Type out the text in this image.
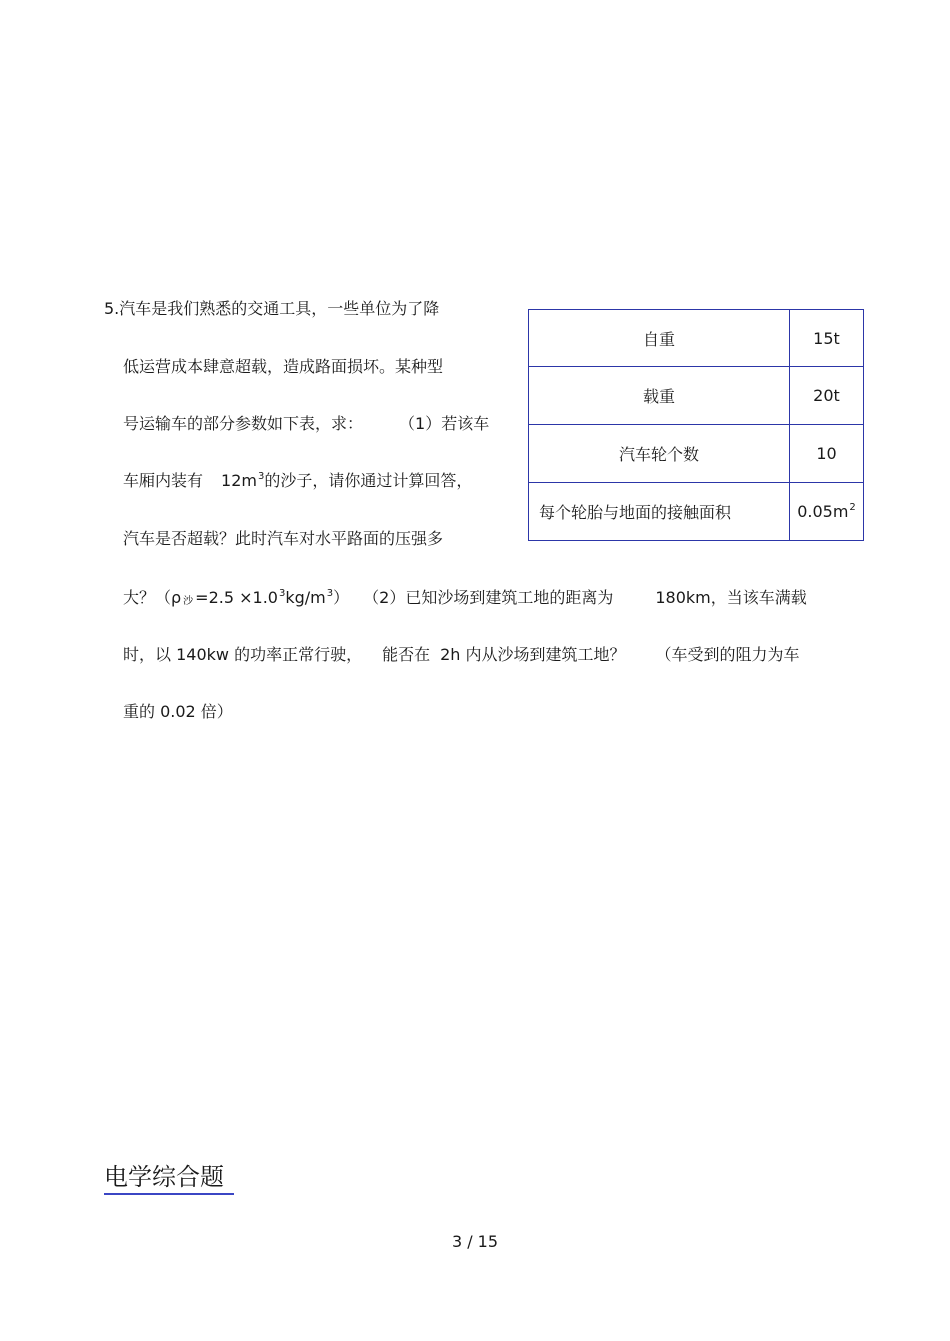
5.汽车是我们熟悉的交通工具，一些单位为了降
低运营成本肆意超载，造成路面损坏。某种型
号运输车的部分参数如下表，求： （1）若该车
车厢内装有 $12m^3$的沙子，请你通过计算回答，
汽车是否超载？此时汽车对水平路面的压强多
大？（ρ 沙 $=2.5 \times 1.0^3kg/m^3$） （2）已知沙场到建筑工地的距离为	180km，当该车满载
时，以 140kw 的功率正常行驶， 能否在 2h 内从沙场到建筑工地？ （车受到的阻力为车
重的 0.02 倍）
自重	15t
载重	20t
汽车轮个数	10
每个轮胎与地面的接触面积	$0.05m^2$
电学综合题
3 / 15
